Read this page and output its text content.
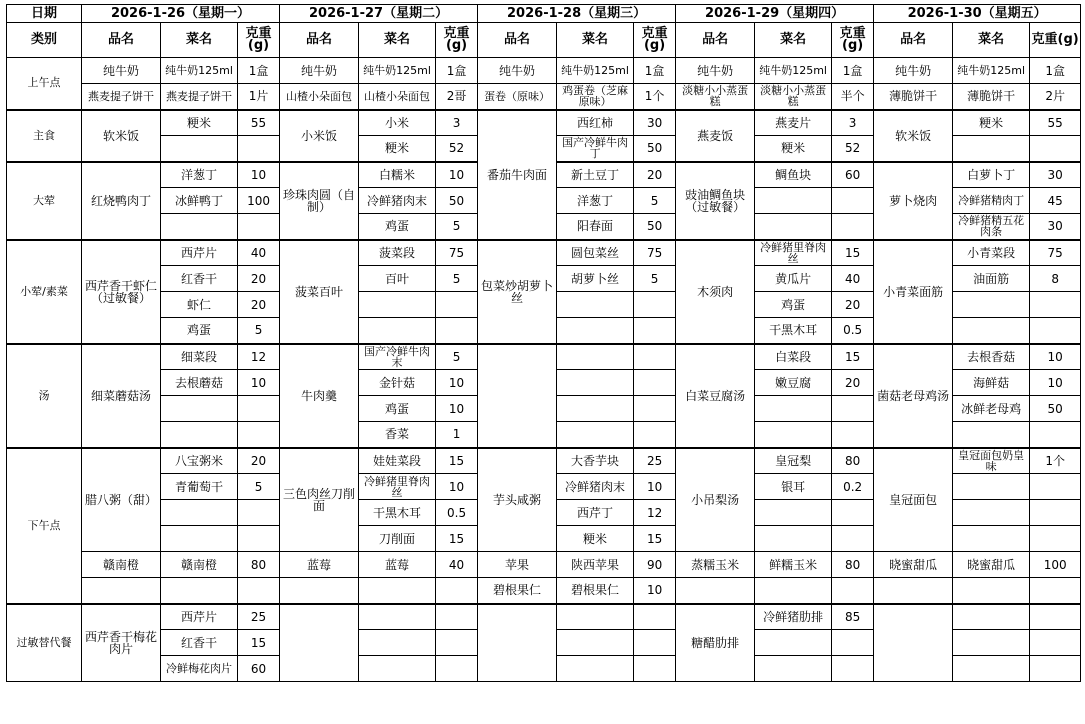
日期	2026-1-26（星期一）			2026-1-27（星期二）			2026-1-28（星期三）			2026-1-29（星期四）			2026-1-30（星期五）		
类别	品名	菜名	克重(g)	品名	菜名	克重(g)	品名	菜名	克重(g)	品名	菜名	克重(g)	品名	菜名	克重(g)
上午点	纯牛奶	纯牛奶125ml	1盒	纯牛奶	纯牛奶125ml	1盒	纯牛奶	纯牛奶125ml	1盒	纯牛奶	纯牛奶125ml	1盒	纯牛奶	纯牛奶125ml	1盒
	燕麦提子饼干	燕麦提子饼干	1片	山楂小朵面包	山楂小朵面包	2哥	蛋卷（原味）	鸡蛋卷（芝麻原味）	1个	淡糖小小蒸蛋糕	淡糖小小蒸蛋糕	半个	薄脆饼干	薄脆饼干	2片
主食	软米饭	粳米	55	小米饭	小米	3		西红柿	30	燕麦饭	燕麦片	3	软米饭	粳米	55
					粳米	52		国产冷鲜牛肉丁	50		粳米	52			
大荤	红烧鸭肉丁	洋葱丁	10	珍珠肉圆（自制）	白糯米	10	番茄牛肉面	新土豆丁	20	豉油鲷鱼块（过敏餐）	鲷鱼块	60	萝卜烧肉	白萝卜丁	30
		冰鲜鸭丁	100		冷鲜猪肉末	50		洋葱丁	5					冷鲜猪精肉丁	45
					鸡蛋	5		阳春面	50					冷鲜猪精五花肉条	30
小荤/素菜	西芹香干虾仁（过敏餐）	西芹片	40	菠菜百叶	菠菜段	75	包菜炒胡萝卜丝	圆包菜丝	75	木须肉	冷鲜猪里脊肉丝	15	小青菜面筋	小青菜段	75
		红香干	20		百叶	5		胡萝卜丝	5		黄瓜片	40		油面筋	8
		虾仁	20								鸡蛋	20			
		鸡蛋	5								干黑木耳	0.5			
汤	细菜蘑菇汤	细菜段	12	牛肉羹	国产冷鲜牛肉末	5				白菜豆腐汤	白菜段	15	菌菇老母鸡汤	去根香菇	10
		去根蘑菇	10		金针菇	10					嫩豆腐	20		海鲜菇	10
					鸡蛋	10								冰鲜老母鸡	50
					香菜	1									
下午点	腊八粥（甜）	八宝粥米	20	三色肉丝刀削面	娃娃菜段	15	芋头咸粥	大香芋块	25	小吊梨汤	皇冠梨	80	皇冠面包	皇冠面包奶皇味	1个
		青葡萄干	5		冷鲜猪里脊肉丝	10		冷鲜猪肉末	10		银耳	0.2			
					干黑木耳	0.5		西芹丁	12						
					刀削面	15		粳米	15						
	赣南橙	赣南橙	80	蓝莓	蓝莓	40	苹果	陕西苹果	90	蒸糯玉米	鲜糯玉米	80	晓蜜甜瓜	晓蜜甜瓜	100
							碧根果仁	碧根果仁	10						
过敏替代餐	西芹香干梅花肉片	西芹片	25							糖醋肋排	冷鲜猪肋排	85			
		红香干	15												
		冷鲜梅花肉片	60												
